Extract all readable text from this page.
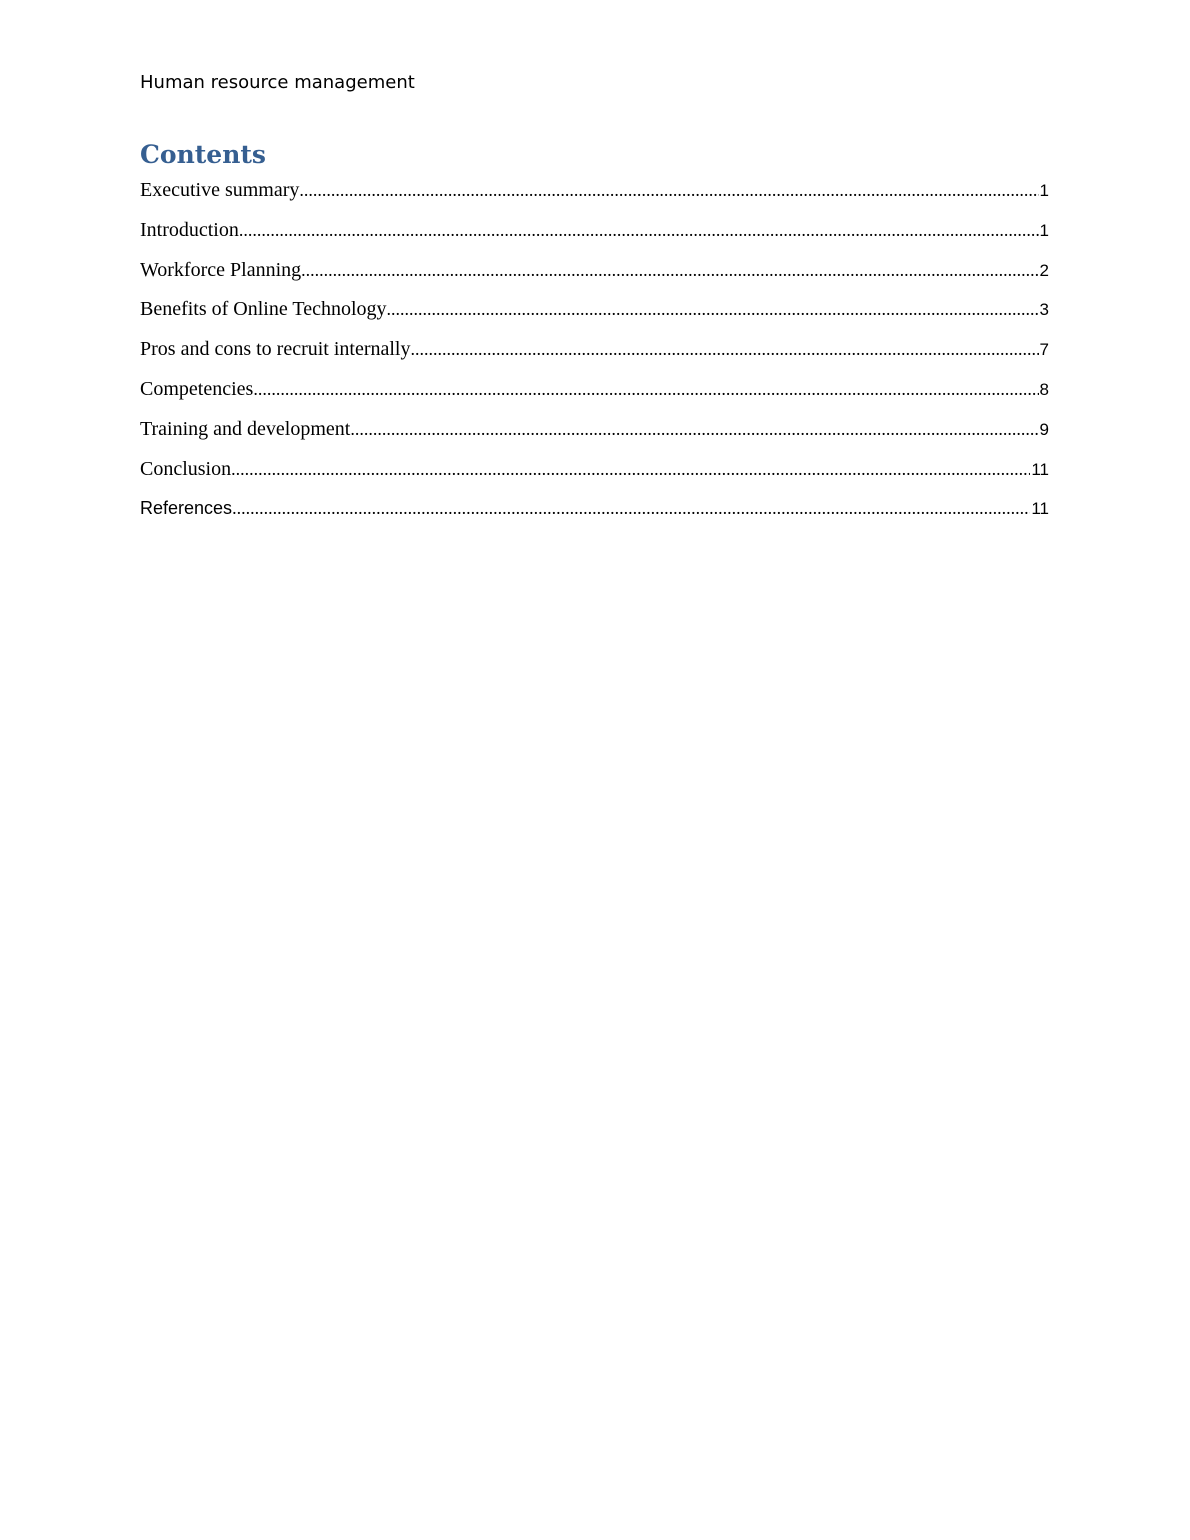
Human resource management
Contents
Executive summary .....	1
Introduction .....	1
Workforce Planning .....	2
Benefits of Online Technology .....	3
Pros and cons to recruit internally .....	7
Competencies .....	8
Training and development .....	9
Conclusion .....	11
References .....	11
